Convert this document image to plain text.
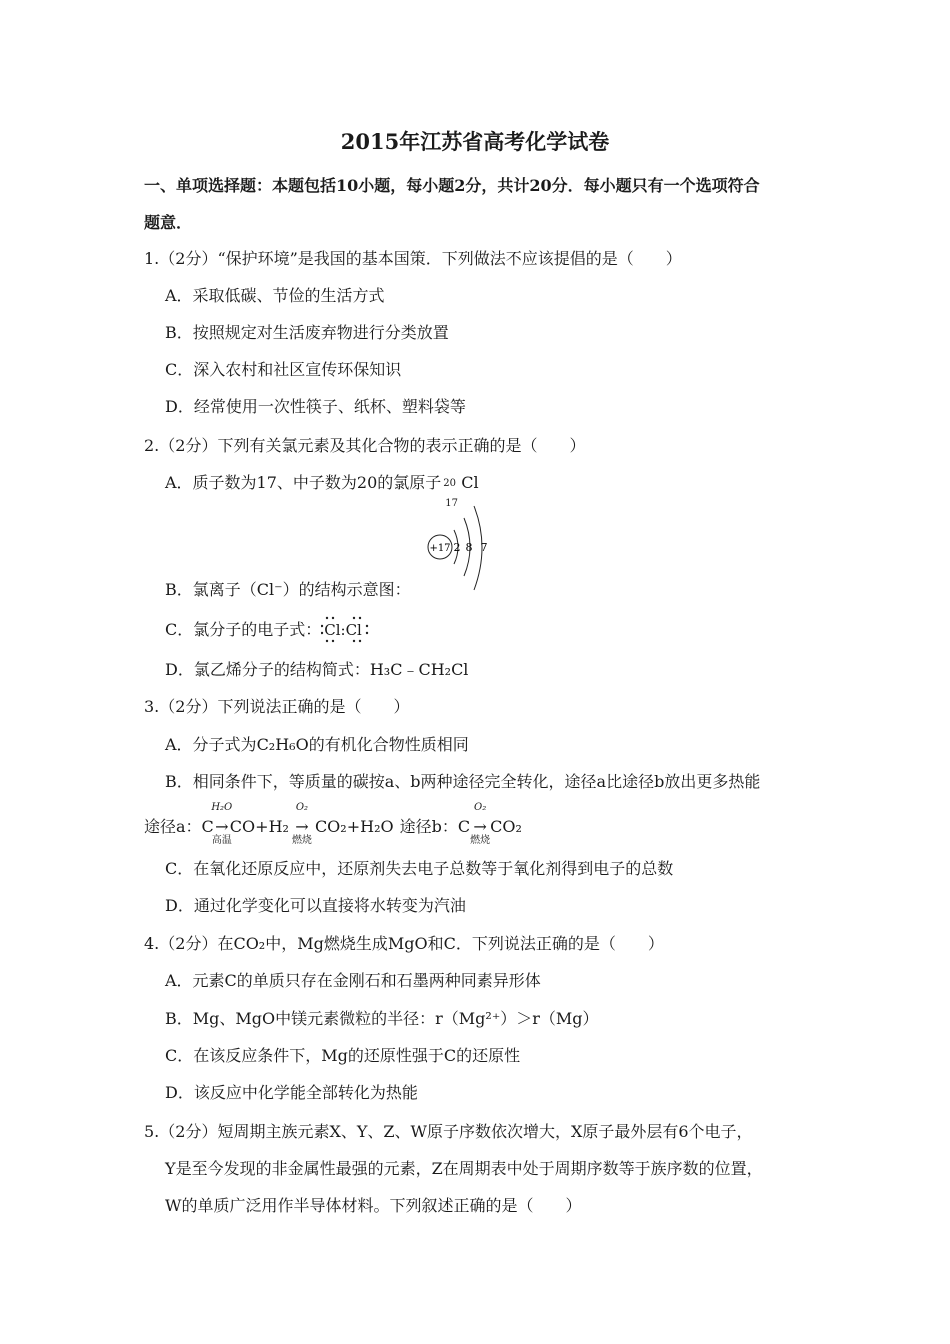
2015年江苏省高考化学试卷
一、单项选择题：本题包括10小题，每小题2分，共计20分．每小题只有一个选项符合
题意．
1.（2分）“保护环境”是我国的基本国策．下列做法不应该提倡的是（　　）
A．采取低碳、节俭的生活方式
B．按照规定对生活废弃物进行分类放置
C．深入农村和社区宣传环保知识
D．经常使用一次性筷子、纸杯、塑料袋等
2.（2分）下列有关氯元素及其化合物的表示正确的是（　　）
A．质子数为17、中子数为20的氯原子 20
17
Cl
+17 2 8 7
B．氯离子（Cl⁻）的结构示意图：
C．氯分子的电子式： Cl:Cl
D．氯乙烯分子的结构简式：H₃C﹣CH₂Cl
3.（2分）下列说法正确的是（　　）
A．分子式为C₂H₆O的有机化合物性质相同
B．相同条件下，等质量的碳按a、b两种途径完全转化，途径a比途径b放出更多热能
途径a：C→
H₂O
高温
CO+H₂ →
O₂
燃烧
CO₂+H₂O 途径b：C →
O₂
燃烧
CO₂
C．在氧化还原反应中，还原剂失去电子总数等于氧化剂得到电子的总数
D．通过化学变化可以直接将水转变为汽油
4.（2分）在CO₂中，Mg燃烧生成MgO和C．下列说法正确的是（　　）
A．元素C的单质只存在金刚石和石墨两种同素异形体
B．Mg、MgO中镁元素微粒的半径：r（Mg²⁺）＞r（Mg）
C．在该反应条件下，Mg的还原性强于C的还原性
D．该反应中化学能全部转化为热能
5.（2分）短周期主族元素X、Y、Z、W原子序数依次增大，X原子最外层有6个电子，
Y是至今发现的非金属性最强的元素，Z在周期表中处于周期序数等于族序数的位置，
W的单质广泛用作半导体材料。下列叙述正确的是（　　）
